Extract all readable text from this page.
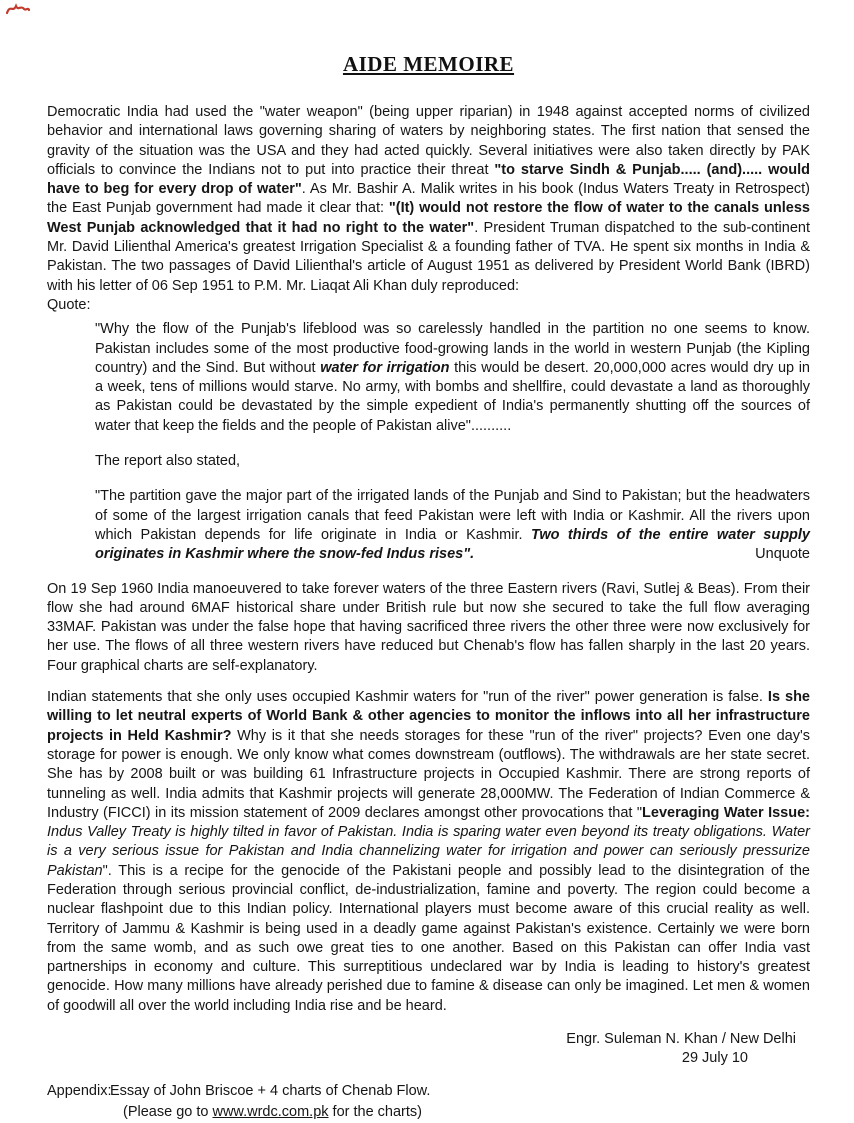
AIDE MEMOIRE

Democratic India had used the "water weapon" (being upper riparian) in 1948 against accepted norms of civilized behavior and international laws governing sharing of waters by neighboring states. The first nation that sensed the gravity of the situation was the USA and they had acted quickly. Several initiatives were also taken directly by PAK officials to convince the Indians not to put into practice their threat "to starve Sindh & Punjab..... (and)..... would have to beg for every drop of water". As Mr. Bashir A. Malik writes in his book (Indus Waters Treaty in Retrospect) the East Punjab government had made it clear that: "(It) would not restore the flow of water to the canals unless West Punjab acknowledged that it had no right to the water". President Truman dispatched to the sub-continent Mr. David Lilienthal America's greatest Irrigation Specialist & a founding father of TVA. He spent six months in India & Pakistan. The two passages of David Lilienthal's article of August 1951 as delivered by President World Bank (IBRD) with his letter of 06 Sep 1951 to P.M. Mr. Liaqat Ali Khan duly reproduced:

Quote:

"Why the flow of the Punjab's lifeblood was so carelessly handled in the partition no one seems to know. Pakistan includes some of the most productive food-growing lands in the world in western Punjab (the Kipling country) and the Sind. But without water for irrigation this would be desert. 20,000,000 acres would dry up in a week, tens of millions would starve. No army, with bombs and shellfire, could devastate a land as thoroughly as Pakistan could be devastated by the simple expedient of India's permanently shutting off the sources of water that keep the fields and the people of Pakistan alive"..........

The report also stated,

"The partition gave the major part of the irrigated lands of the Punjab and Sind to Pakistan; but the headwaters of some of the largest irrigation canals that feed Pakistan were left with India or Kashmir. All the rivers upon which Pakistan depends for life originate in India or Kashmir. Two thirds of the entire water supply originates in Kashmir where the snow-fed Indus rises".	Unquote

On 19 Sep 1960 India manoeuvered to take forever waters of the three Eastern rivers (Ravi, Sutlej & Beas). From their flow she had around 6MAF historical share under British rule but now she secured to take the full flow averaging 33MAF. Pakistan was under the false hope that having sacrificed three rivers the other three were now exclusively for her use. The flows of all three western rivers have reduced but Chenab's flow has fallen sharply in the last 20 years. Four graphical charts are self-explanatory.

Indian statements that she only uses occupied Kashmir waters for "run of the river" power generation is false. Is she willing to let neutral experts of World Bank & other agencies to monitor the inflows into all her infrastructure projects in Held Kashmir? Why is it that she needs storages for these "run of the river" projects? Even one day's storage for power is enough. We only know what comes downstream (outflows). The withdrawals are her state secret. She has by 2008 built or was building 61 Infrastructure projects in Occupied Kashmir. There are strong reports of tunneling as well. India admits that Kashmir projects will generate 28,000MW. The Federation of Indian Commerce & Industry (FICCI) in its mission statement of 2009 declares amongst other provocations that "Leveraging Water Issue: Indus Valley Treaty is highly tilted in favor of Pakistan. India is sparing water even beyond its treaty obligations. Water is a very serious issue for Pakistan and India channelizing water for irrigation and power can seriously pressurize Pakistan". This is a recipe for the genocide of the Pakistani people and possibly lead to the disintegration of the Federation through serious provincial conflict, de-industrialization, famine and poverty. The region could become a nuclear flashpoint due to this Indian policy. International players must become aware of this crucial reality as well. Territory of Jammu & Kashmir is being used in a deadly game against Pakistan's existence. Certainly we were born from the same womb, and as such owe great ties to one another. Based on this Pakistan can offer India vast partnerships in economy and culture. This surreptitious undeclared war by India is leading to history's greatest genocide. How many millions have already perished due to famine & disease can only be imagined. Let men & women of goodwill all over the world including India rise and be heard.

Engr. Suleman N. Khan / New Delhi
29 July 10
Appendix:Essay of John Briscoe + 4 charts of Chenab Flow.
(Please go to www.wrdc.com.pk for the charts)
